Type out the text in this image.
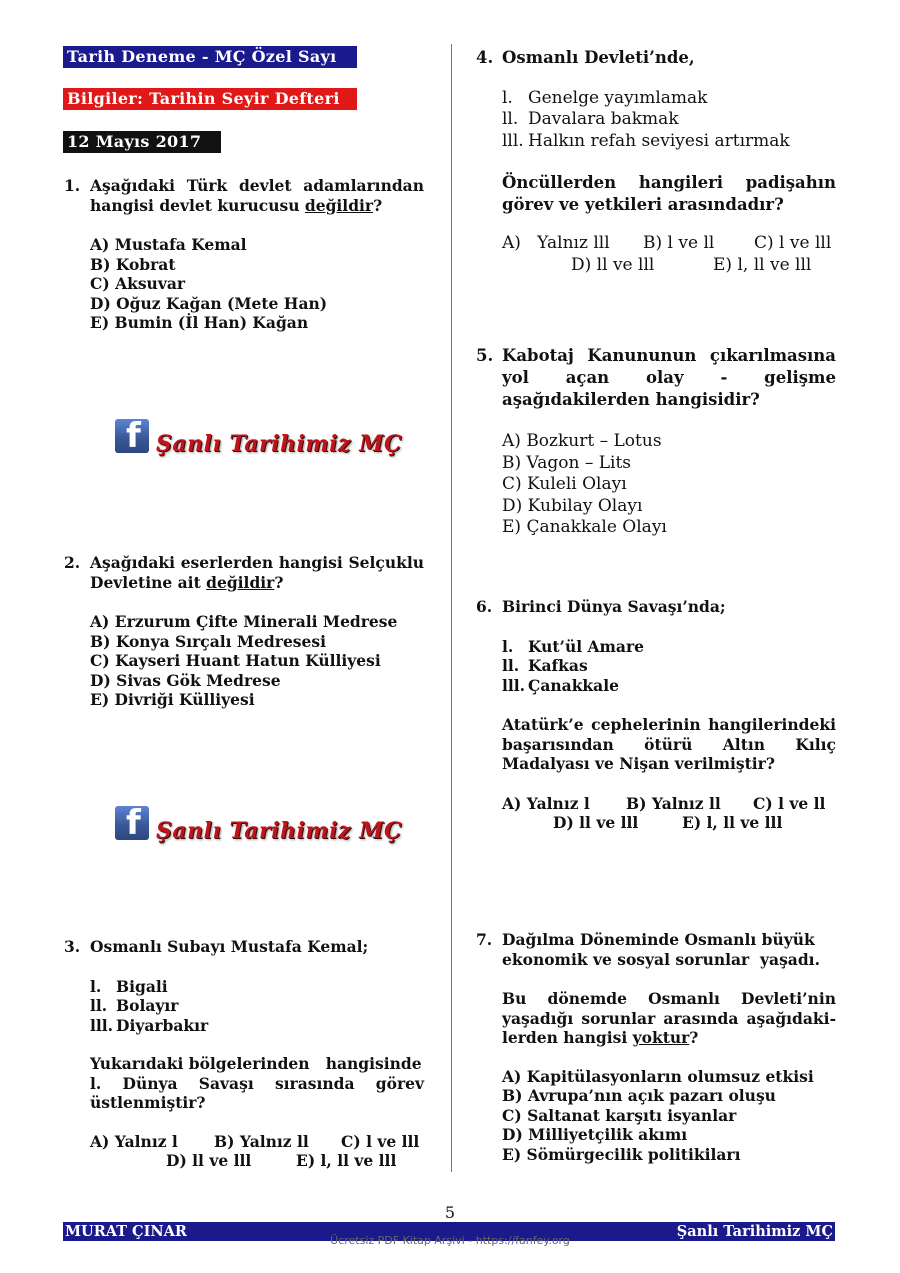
Tarih Deneme - MÇ Özel Sayı
Bilgiler: Tarihin Seyir Defteri
12 Mayıs 2017
1. Aşağıdaki Türk devlet adamlarından
hangisi devlet kurucusu değildir?
A) Mustafa Kemal
B) Kobrat
C) Aksuvar
D) Oğuz Kağan (Mete Han)
E) Bumin (İl Han) Kağan
f Şanlı Tarihimiz MÇ
2. Aşağıdaki eserlerden hangisi Selçuklu
Devletine ait değildir?
A) Erzurum Çifte Minerali Medrese
B) Konya Sırçalı Medresesi
C) Kayseri Huant Hatun Külliyesi
D) Sivas Gök Medrese
E) Divriği Külliyesi
f Şanlı Tarihimiz MÇ
3. Osmanlı Subayı Mustafa Kemal;
l. Bigali
ll. Bolayır
lll. Diyarbakır
Yukarıdaki bölgelerinden   hangisinde
l. Dünya Savaşı sırasında görev
üstlenmiştir?
A) Yalnız l B) Yalnız ll C) l ve lll
D) ll ve lll	E) l, ll ve lll
4. Osmanlı Devleti’nde,
l. Genelge yayımlamak
ll. Davalara bakmak
lll. Halkın refah seviyesi artırmak
Öncüllerden hangileri padişahın
görev ve yetkileri arasındadır?
A)   Yalnız lll B) l ve ll C) l ve lll
D) ll ve lll	E) l, ll ve lll
5. Kabotaj Kanununun çıkarılmasına
yol açan olay - gelişme
aşağıdakilerden hangisidir?
A) Bozkurt – Lotus
B) Vagon – Lits
C) Kuleli Olayı
D) Kubilay Olayı
E) Çanakkale Olayı
6. Birinci Dünya Savaşı’nda;
l. Kut’ül Amare
ll. Kafkas
lll. Çanakkale
Atatürk’e cephelerinin hangilerindeki
başarısından ötürü Altın Kılıç
Madalyası ve Nişan verilmiştir?
A) Yalnız l B) Yalnız ll C) l ve ll
D) ll ve lll	E) l, ll ve lll
7. Dağılma Döneminde Osmanlı büyük
ekonomik ve sosyal sorunlar  yaşadı.
Bu dönemde Osmanlı Devleti’nin
yaşadığı sorunlar arasında aşağıdaki-
lerden hangisi yoktur?
A) Kapitülasyonların olumsuz etkisi
B) Avrupa’nın açık pazarı oluşu
C) Saltanat karşıtı isyanlar
D) Milliyetçilik akımı
E) Sömürgecilik politikiları
5
MURAT ÇINAR	Şanlı Tarihimiz MÇ
Ücretsiz PDF Kitap Arşivi - https://fanfey.org
